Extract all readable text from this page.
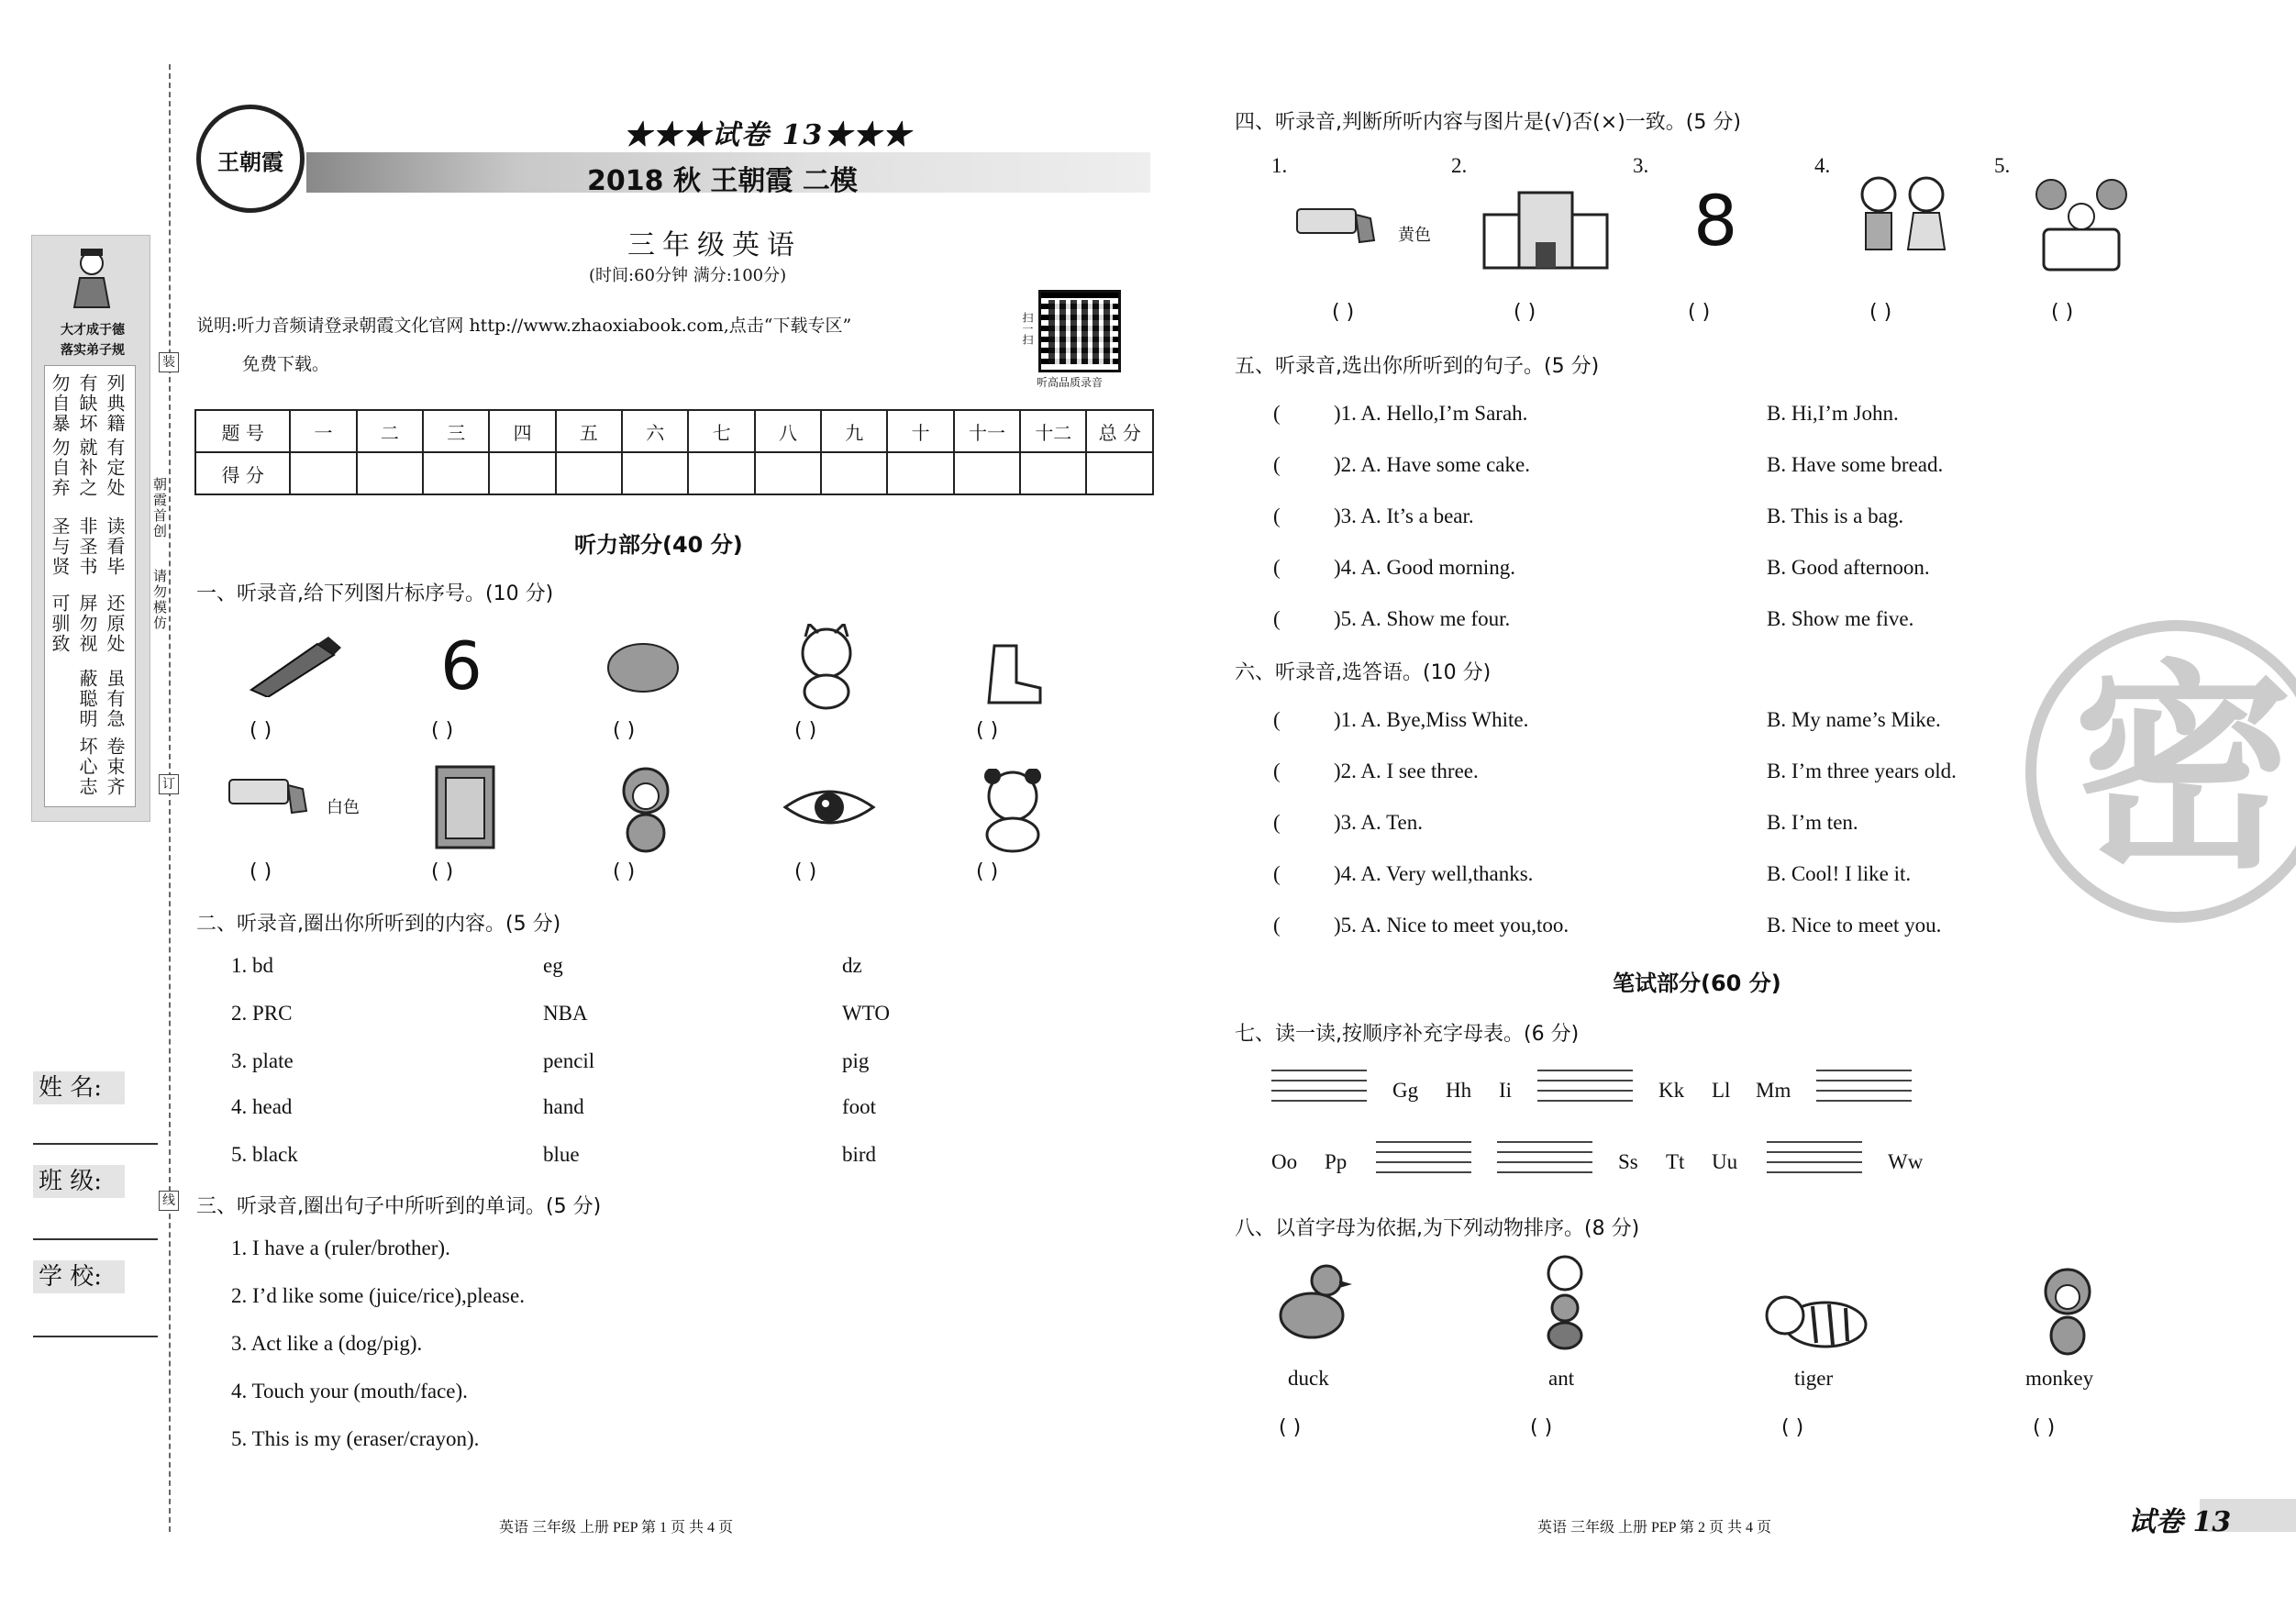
大才成于德
落实弟子规
勿自暴 有缺坏 列典籍
勿自弃 就补之 有定处
圣与贤 非圣书 读看毕
可驯致 屏勿视 还原处
蔽聪明 虽有急
坏心志 卷束齐
装
订
线
朝霞首创
请勿模仿
姓 名:
班 级:
学 校:
王朝霞
★★★试卷 13★★★
2018 秋 王朝霞 二模
三年级英语
(时间:60分钟 满分:100分)
说明:听力音频请登录朝霞文化官网 http://www.zhaoxiabook.com,点击“下载专区”
免费下载。
听高品质录音
扫一扫
题 号	一	二	三	四	五	六	七	八	九	十	十一	十二	总 分
得 分													
听力部分(40 分)
一、听录音,给下列图片标序号。(10 分)
6
( )	( )	( )	( )	( )
白色
( )	( )	( )	( )	( )
二、听录音,圈出你所听到的内容。(5 分)
1. bd	eg	dz
2. PRC	NBA	WTO
3. plate	pencil	pig
4. head	hand	foot
5. black	blue	bird
三、听录音,圈出句子中所听到的单词。(5 分)
1. I have a (ruler/brother).
2. I’d like some (juice/rice),please.
3. Act like a (dog/pig).
4. Touch your (mouth/face).
5. This is my (eraser/crayon).
英语 三年级 上册 PEP 第 1 页 共 4 页
四、听录音,判断所听内容与图片是(√)否(×)一致。(5 分)
1.	2.	3.	4.	5.
黄色	8
( )	( )	( )	( )	( )
五、听录音,选出你所听到的句子。(5 分)
(	)1. A. Hello,I’m Sarah.	B. Hi,I’m John.
(	)2. A. Have some cake.	B. Have some bread.
(	)3. A. It’s a bear.	B. This is a bag.
(	)4. A. Good morning.	B. Good afternoon.
(	)5. A. Show me four.	B. Show me five.
六、听录音,选答语。(10 分)
(	)1. A. Bye,Miss White.	B. My name’s Mike.
(	)2. A. I see three.	B. I’m three years old.
(	)3. A. Ten.	B. I’m ten.
(	)4. A. Very well,thanks.	B. Cool! I like it.
(	)5. A. Nice to meet you,too.	B. Nice to meet you.
笔试部分(60 分)
七、读一读,按顺序补充字母表。(6 分)
Gg Hh Ii	Kk Ll Mm
Oo Pp	Ss Tt Uu	Ww
八、以首字母为依据,为下列动物排序。(8 分)
duck	ant	tiger	monkey
( )	( )	( )	( )
密
英语 三年级 上册 PEP 第 2 页 共 4 页	试卷 13
